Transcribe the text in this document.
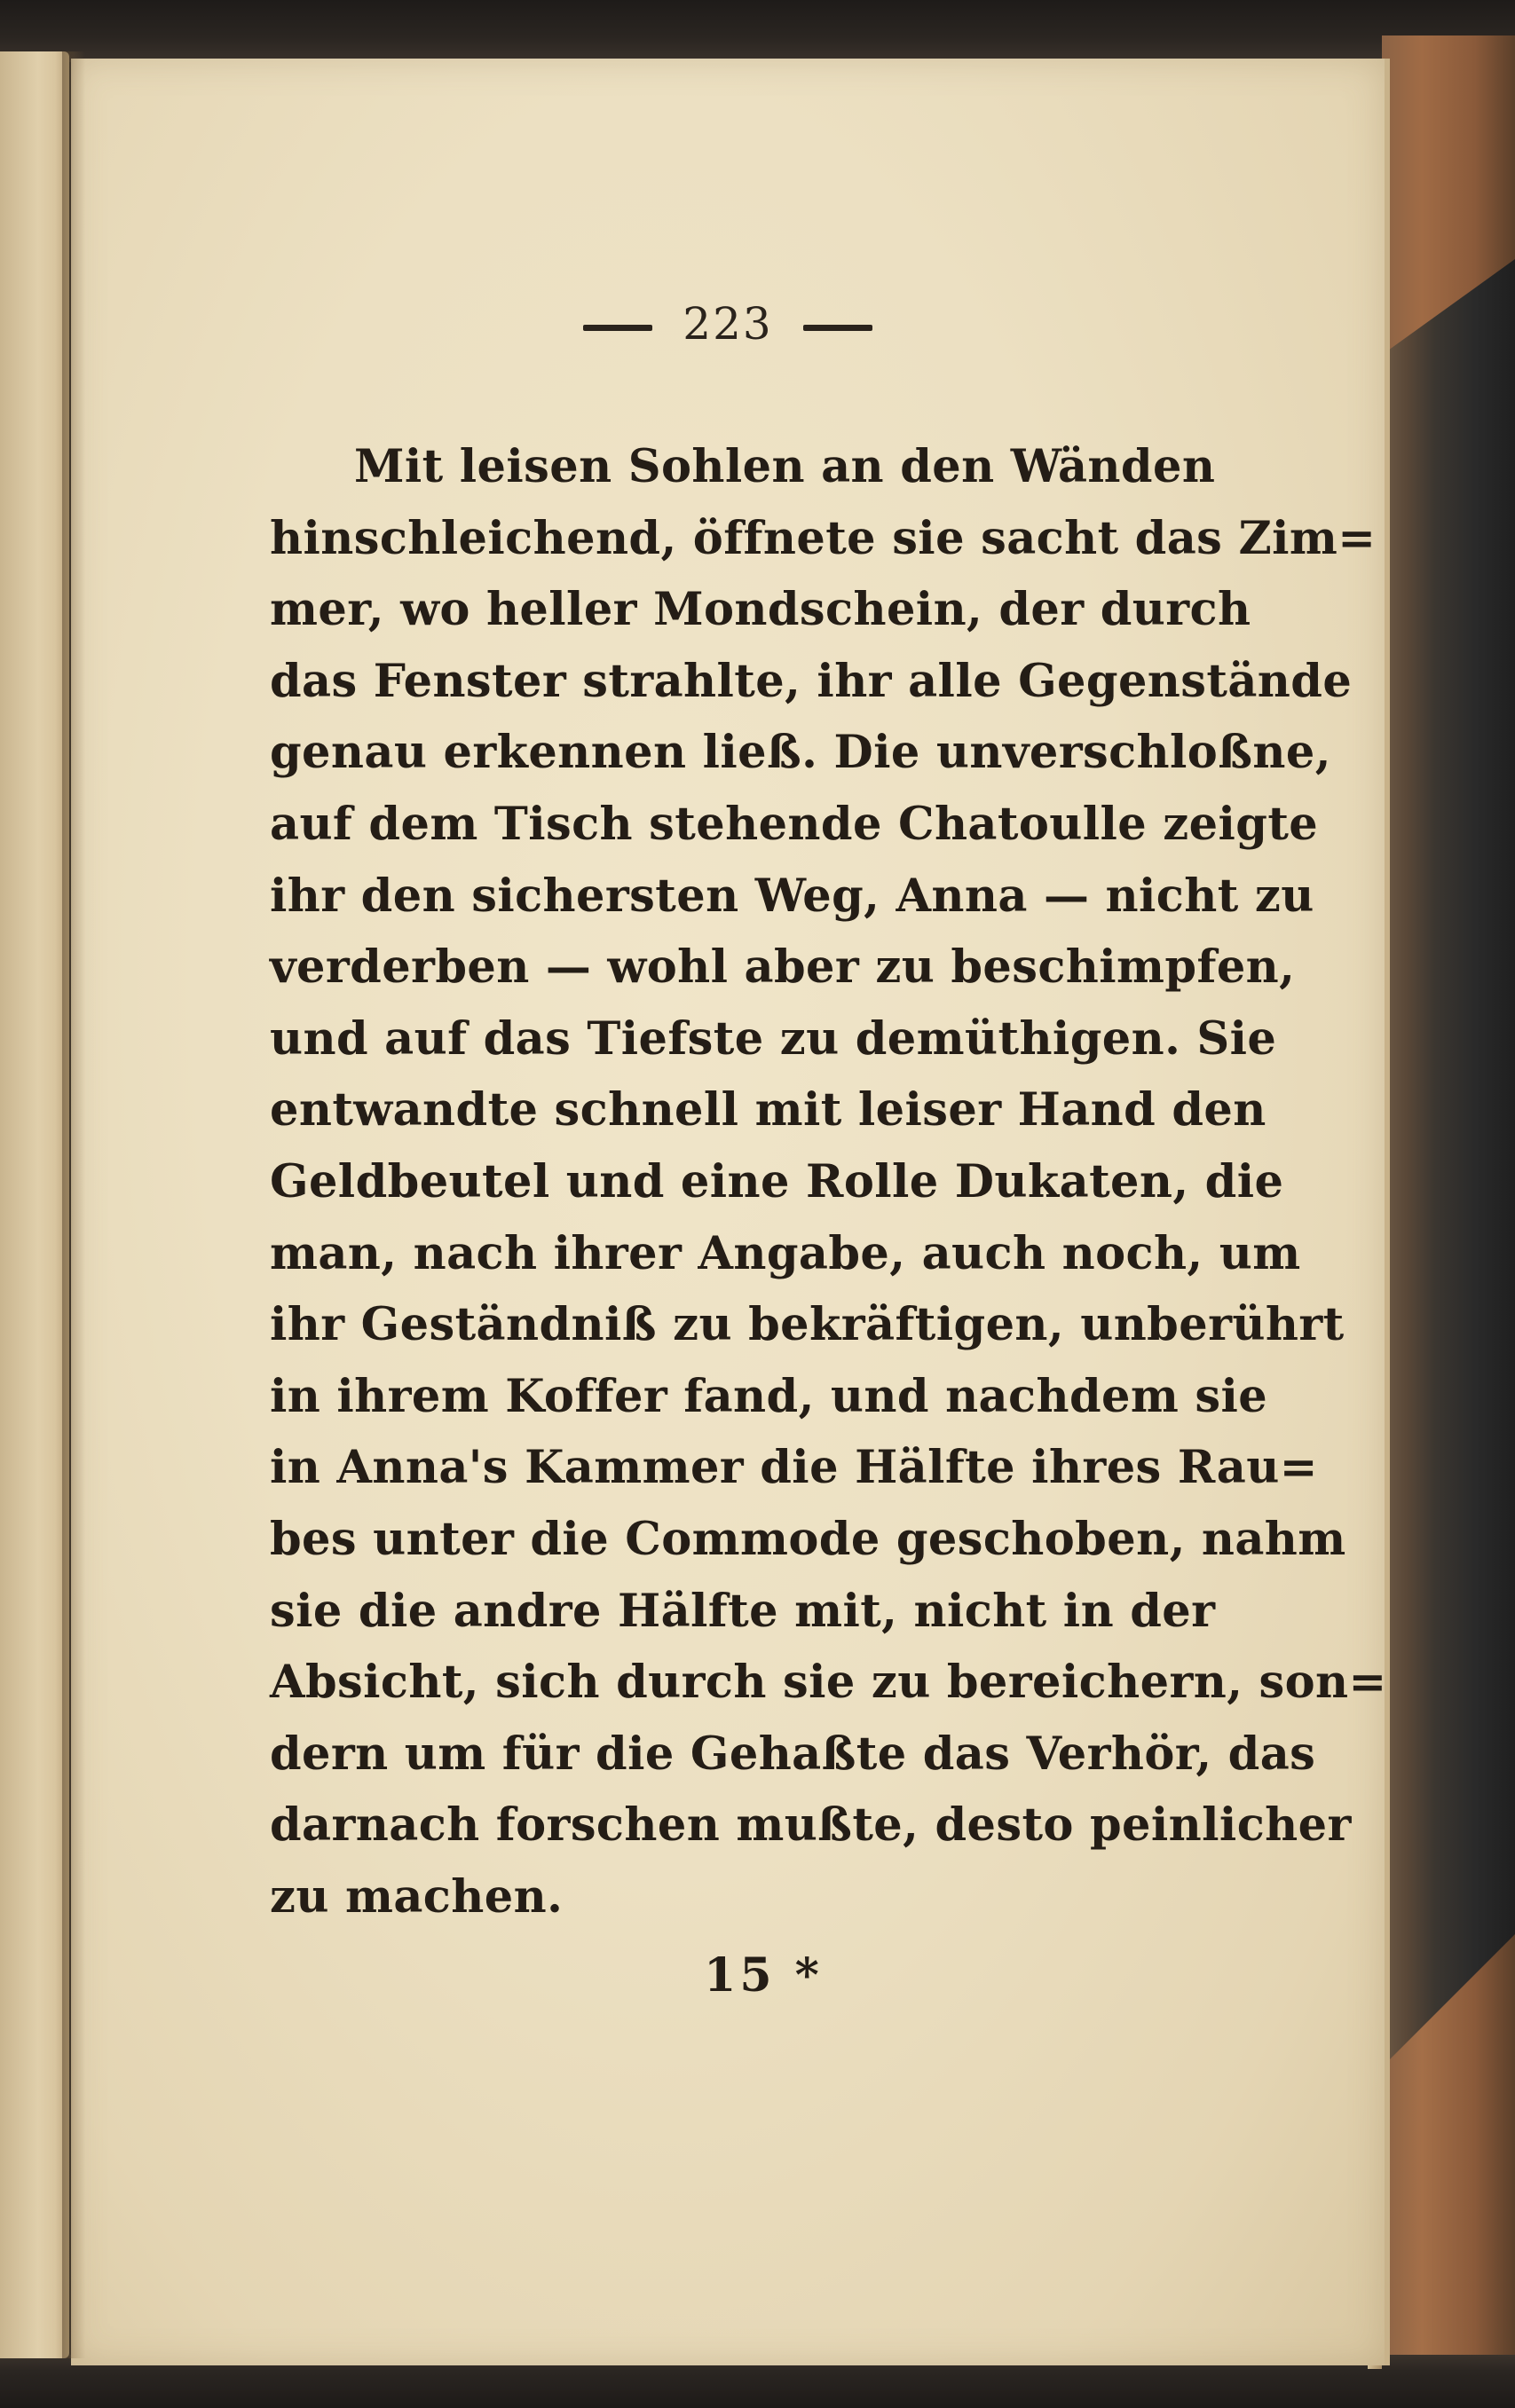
223
Mit leisen Sohlen an den Wänden
hinschleichend, öffnete sie sacht das Zim=
mer, wo heller Mondschein, der durch
das Fenster strahlte, ihr alle Gegenstände
genau erkennen ließ. Die unverschloßne,
auf dem Tisch stehende Chatoulle zeigte
ihr den sichersten Weg, Anna — nicht zu
verderben — wohl aber zu beschimpfen,
und auf das Tiefste zu demüthigen. Sie
entwandte schnell mit leiser Hand den
Geldbeutel und eine Rolle Dukaten, die
man, nach ihrer Angabe, auch noch, um
ihr Geständniß zu bekräftigen, unberührt
in ihrem Koffer fand, und nachdem sie
in Anna's Kammer die Hälfte ihres Rau=
bes unter die Commode geschoben, nahm
sie die andre Hälfte mit, nicht in der
Absicht, sich durch sie zu bereichern, son=
dern um für die Gehaßte das Verhör, das
darnach forschen mußte, desto peinlicher
zu machen.
15 *
